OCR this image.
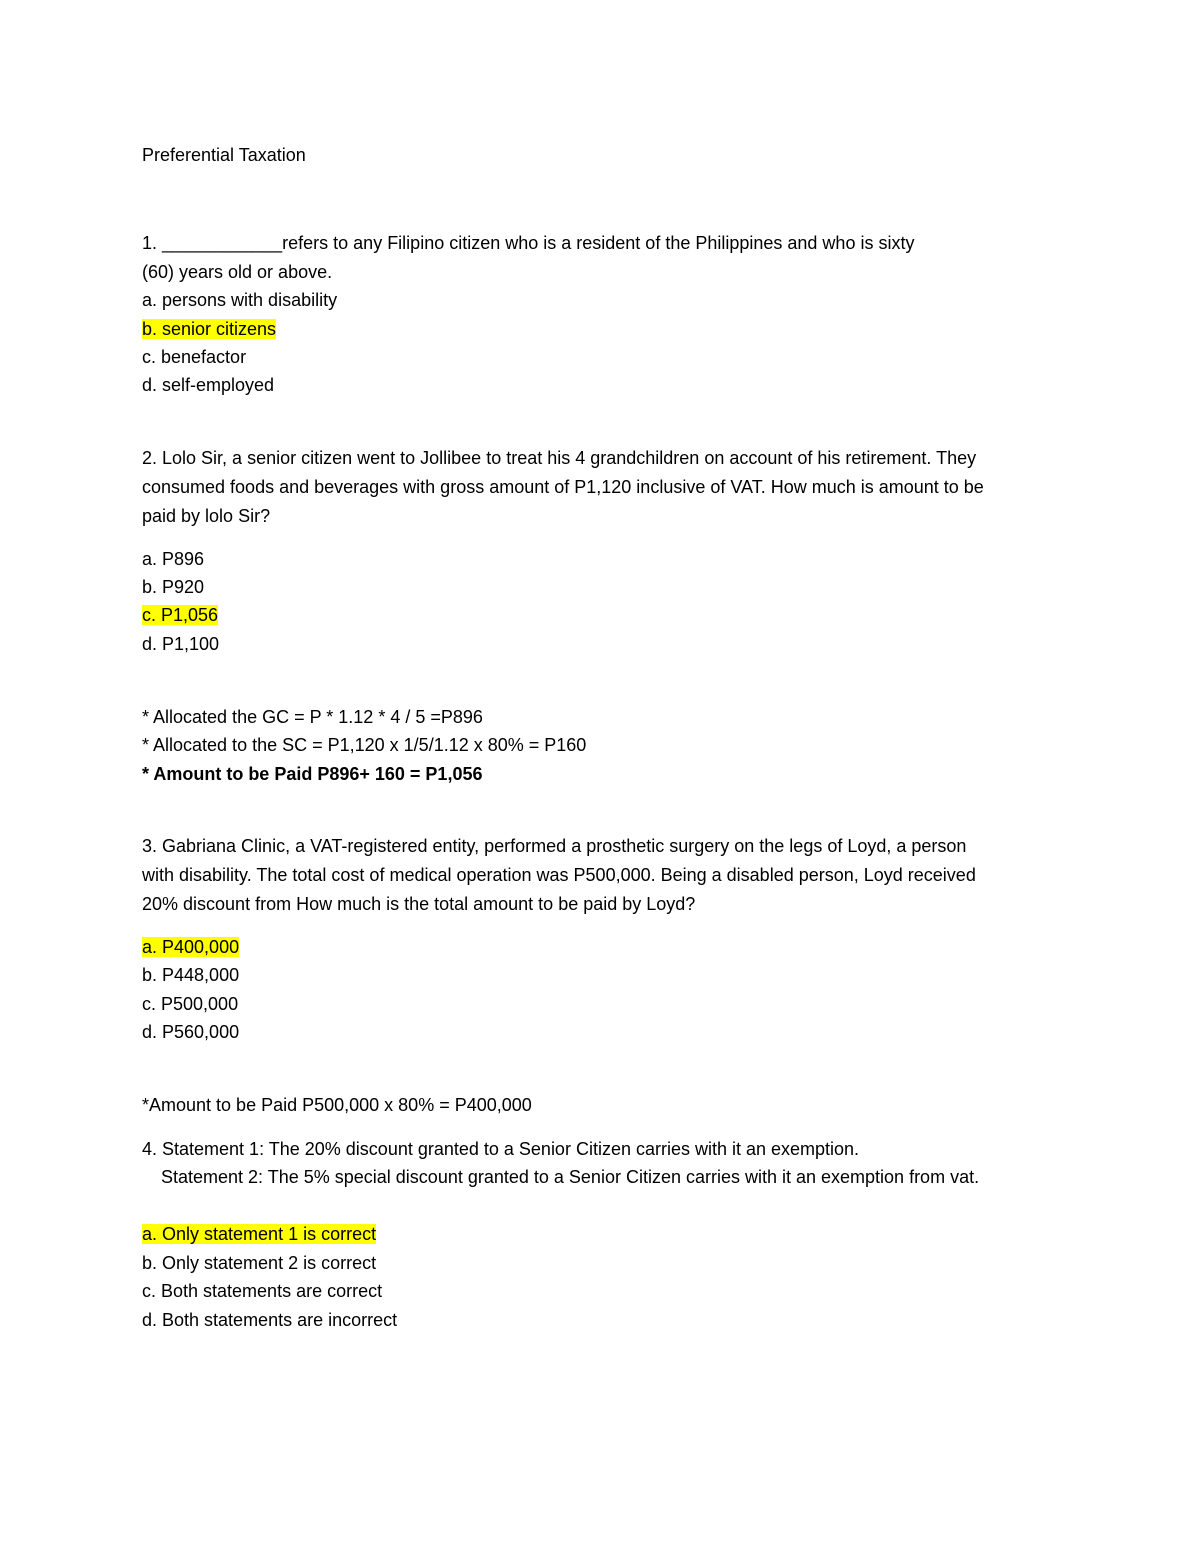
Preferential Taxation
1. ____________refers to any Filipino citizen who is a resident of the Philippines and who is sixty
(60) years old or above.
a. persons with disability
b. senior citizens
c. benefactor
d. self-employed
2. Lolo Sir, a senior citizen went to Jollibee to treat his 4 grandchildren on account of his retirement. They
consumed foods and beverages with gross amount of P1,120 inclusive of VAT. How much is amount to be
paid by lolo Sir?
a. P896
b. P920
c. P1,056
d. P1,100
* Allocated the GC = P * 1.12 * 4 / 5 =P896
* Allocated to the SC = P1,120 x 1/5/1.12 x 80% = P160
* Amount to be Paid P896+ 160 = P1,056
3. Gabriana Clinic, a VAT-registered entity, performed a prosthetic surgery on the legs of Loyd, a person
with disability. The total cost of medical operation was P500,000. Being a disabled person, Loyd received
20% discount from How much is the total amount to be paid by Loyd?
a. P400,000
b. P448,000
c. P500,000
d. P560,000
*Amount to be Paid P500,000 x 80% = P400,000
4. Statement 1: The 20% discount granted to a Senior Citizen carries with it an exemption.
Statement 2: The 5% special discount granted to a Senior Citizen carries with it an exemption from vat.
a. Only statement 1 is correct
b. Only statement 2 is correct
c. Both statements are correct
d. Both statements are incorrect
